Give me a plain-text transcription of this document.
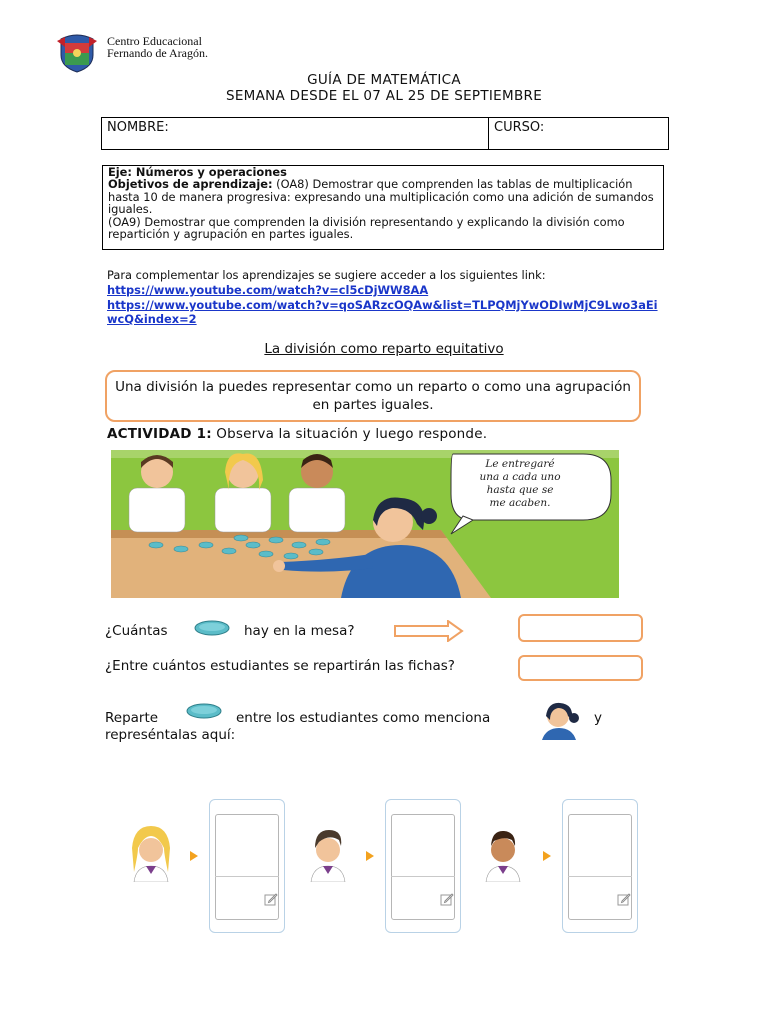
Centro Educacional
Fernando de Aragón.
GUÍA DE MATEMÁTICA
SEMANA DESDE EL 07 AL 25 DE SEPTIEMBRE
NOMBRE:	CURSO:
Eje: Números y operaciones
Objetivos de aprendizaje: (OA8) Demostrar que comprenden las tablas de multiplicación hasta 10 de manera progresiva: expresando una multiplicación como una adición de sumandos iguales.
(OA9) Demostrar que comprenden la división representando y explicando la división como repartición y agrupación en partes iguales.
Para complementar los aprendizajes se sugiere acceder a los siguientes link:
https://www.youtube.com/watch?v=cl5cDjWW8AA
https://www.youtube.com/watch?v=qoSARzcOQAw&list=TLPQMjYwODIwMjC9Lwo3aEiwcQ&index=2
La división como reparto equitativo
Una división la puedes representar como un reparto o como una agrupación en partes iguales.
ACTIVIDAD 1: Observa la situación y luego responde.
Le entregaré
una a cada uno
hasta que se
me acaben.
¿Cuántas	hay en la mesa?
¿Entre cuántos estudiantes se repartirán las fichas?
Reparte	entre los estudiantes como menciona	y
represéntalas aquí:
